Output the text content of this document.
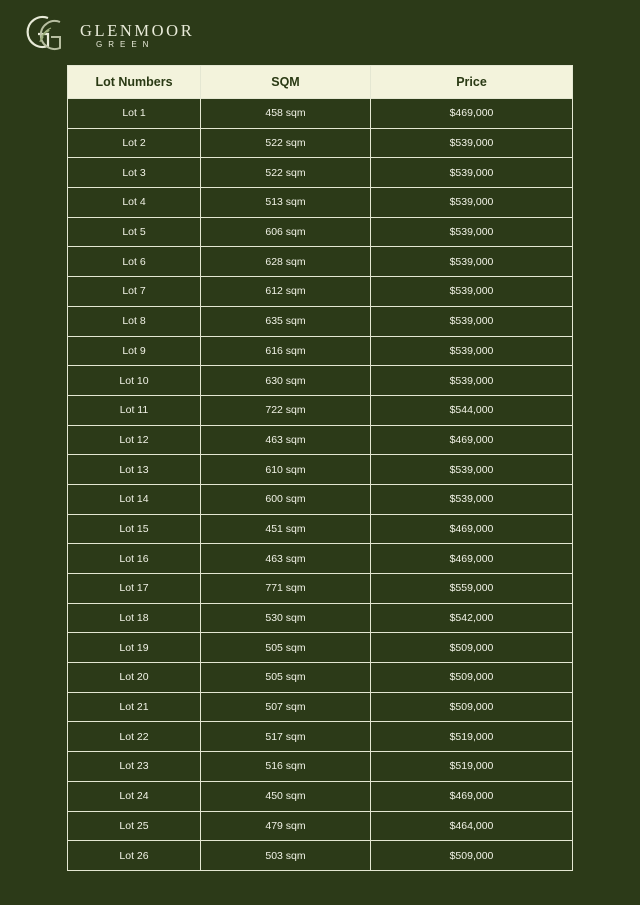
GLENMOOR
GREEN
Lot Numbers	SQM	Price
Lot 1	458 sqm	$469,000
Lot 2	522 sqm	$539,000
Lot 3	522 sqm	$539,000
Lot 4	513 sqm	$539,000
Lot 5	606 sqm	$539,000
Lot 6	628 sqm	$539,000
Lot 7	612 sqm	$539,000
Lot 8	635 sqm	$539,000
Lot 9	616 sqm	$539,000
Lot 10	630 sqm	$539,000
Lot 11	722 sqm	$544,000
Lot 12	463 sqm	$469,000
Lot 13	610 sqm	$539,000
Lot 14	600 sqm	$539,000
Lot 15	451 sqm	$469,000
Lot 16	463 sqm	$469,000
Lot 17	771 sqm	$559,000
Lot 18	530 sqm	$542,000
Lot 19	505 sqm	$509,000
Lot 20	505 sqm	$509,000
Lot 21	507 sqm	$509,000
Lot 22	517 sqm	$519,000
Lot 23	516 sqm	$519,000
Lot 24	450 sqm	$469,000
Lot 25	479 sqm	$464,000
Lot 26	503 sqm	$509,000
